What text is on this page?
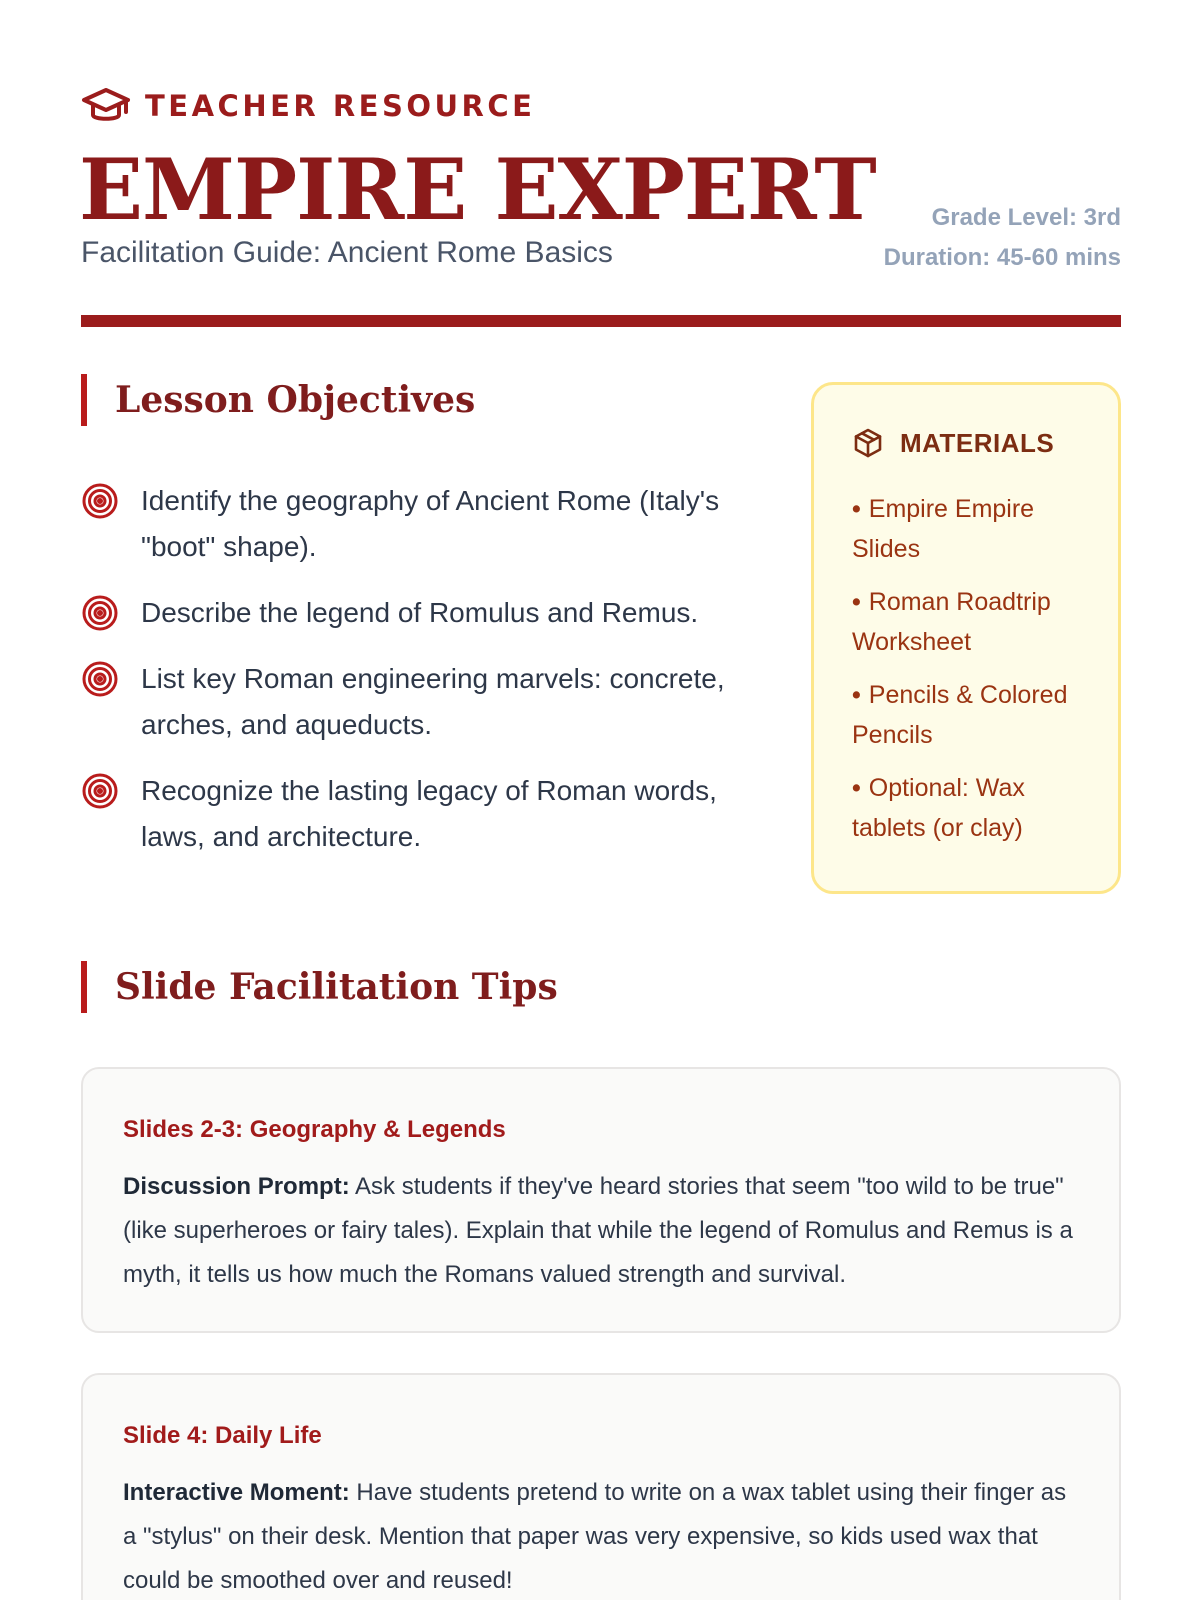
TEACHER RESOURCE
EMPIRE EXPERT
Facilitation Guide: Ancient Rome Basics
Grade Level: 3rd
Duration: 45-60 mins
Lesson Objectives
Identify the geography of Ancient Rome (Italy's "boot" shape).
Describe the legend of Romulus and Remus.
List key Roman engineering marvels: concrete, arches, and aqueducts.
Recognize the lasting legacy of Roman words, laws, and architecture.
MATERIALS
• Empire Empire Slides
• Roman Roadtrip Worksheet
• Pencils & Colored Pencils
• Optional: Wax tablets (or clay)
Slide Facilitation Tips
Slides 2-3: Geography & Legends

Discussion Prompt: Ask students if they've heard stories that seem "too wild to be true" (like superheroes or fairy tales). Explain that while the legend of Romulus and Remus is a myth, it tells us how much the Romans valued strength and survival.

Slide 4: Daily Life

Interactive Moment: Have students pretend to write on a wax tablet using their finger as a "stylus" on their desk. Mention that paper was very expensive, so kids used wax that could be smoothed over and reused!
